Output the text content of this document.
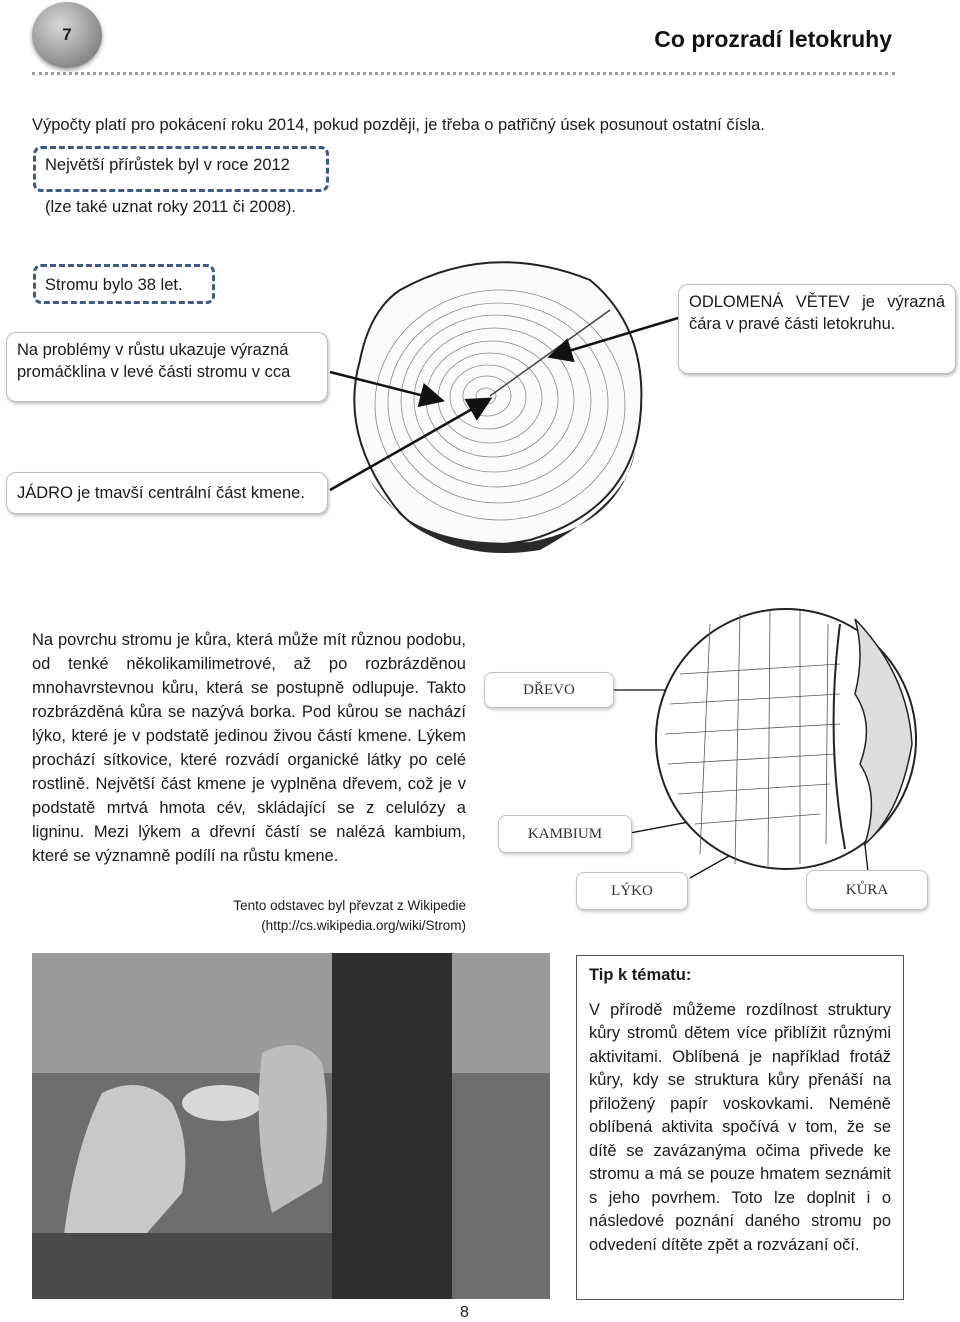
7	Co prozradí letokruhy
Výpočty platí pro pokácení roku 2014, pokud později, je třeba o patřičný úsek posunout ostatní čísla.
Největší přírůstek byl v roce 2012
(lze také uznat roky 2011 či 2008).
Stromu bylo 38 let.
Na problémy v růstu ukazuje výrazná promáčklina v levé části stromu v cca
ODLOMENÁ VĚTEV je výrazná čára v pravé části letokruhu.
JÁDRO je tmavší centrální část kmene.
DŘEVO
KAMBIUM
LÝKO	KŮRA
Na povrchu stromu je kůra, která může mít různou podobu, od tenké několikamilimetrové, až po rozbrázděnou mnohavrstevnou kůru, která se postupně odlupuje. Takto rozbrázděná kůra se nazývá borka. Pod kůrou se nachází lýko, které je v podstatě jedinou živou částí kmene. Lýkem prochází sítkovice, které rozvádí organické látky po celé rostlině. Největší část kmene je vyplněna dřevem, což je v podstatě mrtvá hmota cév, skládající se z celulózy a ligninu. Mezi lýkem a dřevní částí se nalézá kambium, které se významně podílí na růstu kmene.
Tento odstavec byl převzat z Wikipedie
(http://cs.wikipedia.org/wiki/Strom)
Tip k tématu:

V přírodě můžeme rozdílnost struktury kůry stromů dětem více přiblížit různými aktivitami. Oblíbená je například frotáž kůry, kdy se struktura kůry přenáší na přiložený papír voskovkami. Neméně oblíbená aktivita spočívá v tom, že se dítě se zavázanýma očima přivede ke stromu a má se pouze hmatem seznámit s jeho povrhem. Toto lze doplnit i o následové poznání daného stromu po odvedení dítěte zpět a rozvázaní očí.

8
